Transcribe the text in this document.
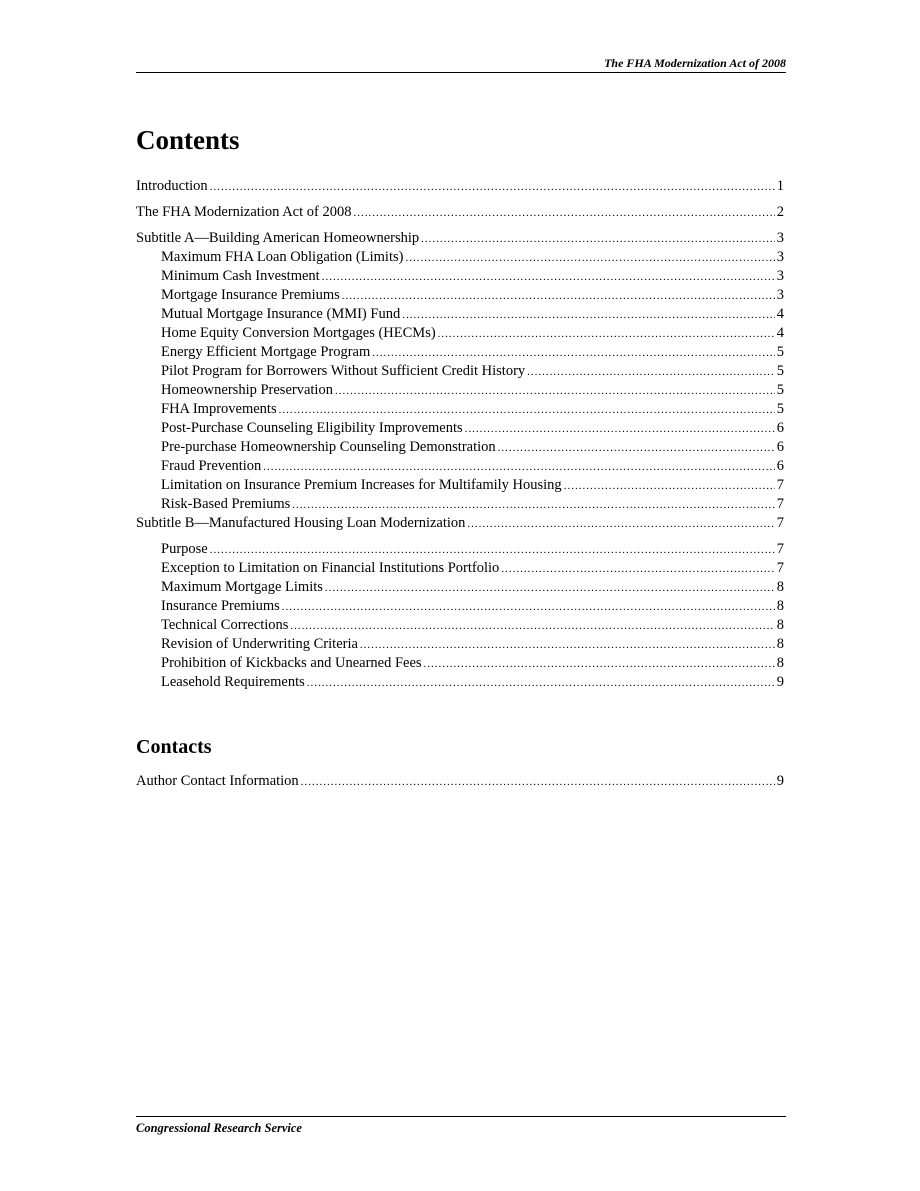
The FHA Modernization Act of 2008
Contents
Introduction .....	1
The FHA Modernization Act of 2008 .....	2
Subtitle A—Building American Homeownership .....	3
Maximum FHA Loan Obligation (Limits) .....	3
Minimum Cash Investment .....	3
Mortgage Insurance Premiums .....	3
Mutual Mortgage Insurance (MMI) Fund .....	4
Home Equity Conversion Mortgages (HECMs) .....	4
Energy Efficient Mortgage Program .....	5
Pilot Program for Borrowers Without Sufficient Credit History .....	5
Homeownership Preservation .....	5
FHA Improvements .....	5
Post-Purchase Counseling Eligibility Improvements .....	6
Pre-purchase Homeownership Counseling Demonstration .....	6
Fraud Prevention .....	6
Limitation on Insurance Premium Increases for Multifamily Housing .....	7
Risk-Based Premiums .....	7
Subtitle B—Manufactured Housing Loan Modernization .....	7
Purpose .....	7
Exception to Limitation on Financial Institutions Portfolio .....	7
Maximum Mortgage Limits .....	8
Insurance Premiums .....	8
Technical Corrections .....	8
Revision of Underwriting Criteria .....	8
Prohibition of Kickbacks and Unearned Fees .....	8
Leasehold Requirements .....	9
Contacts
Author Contact Information .....	9
Congressional Research Service
